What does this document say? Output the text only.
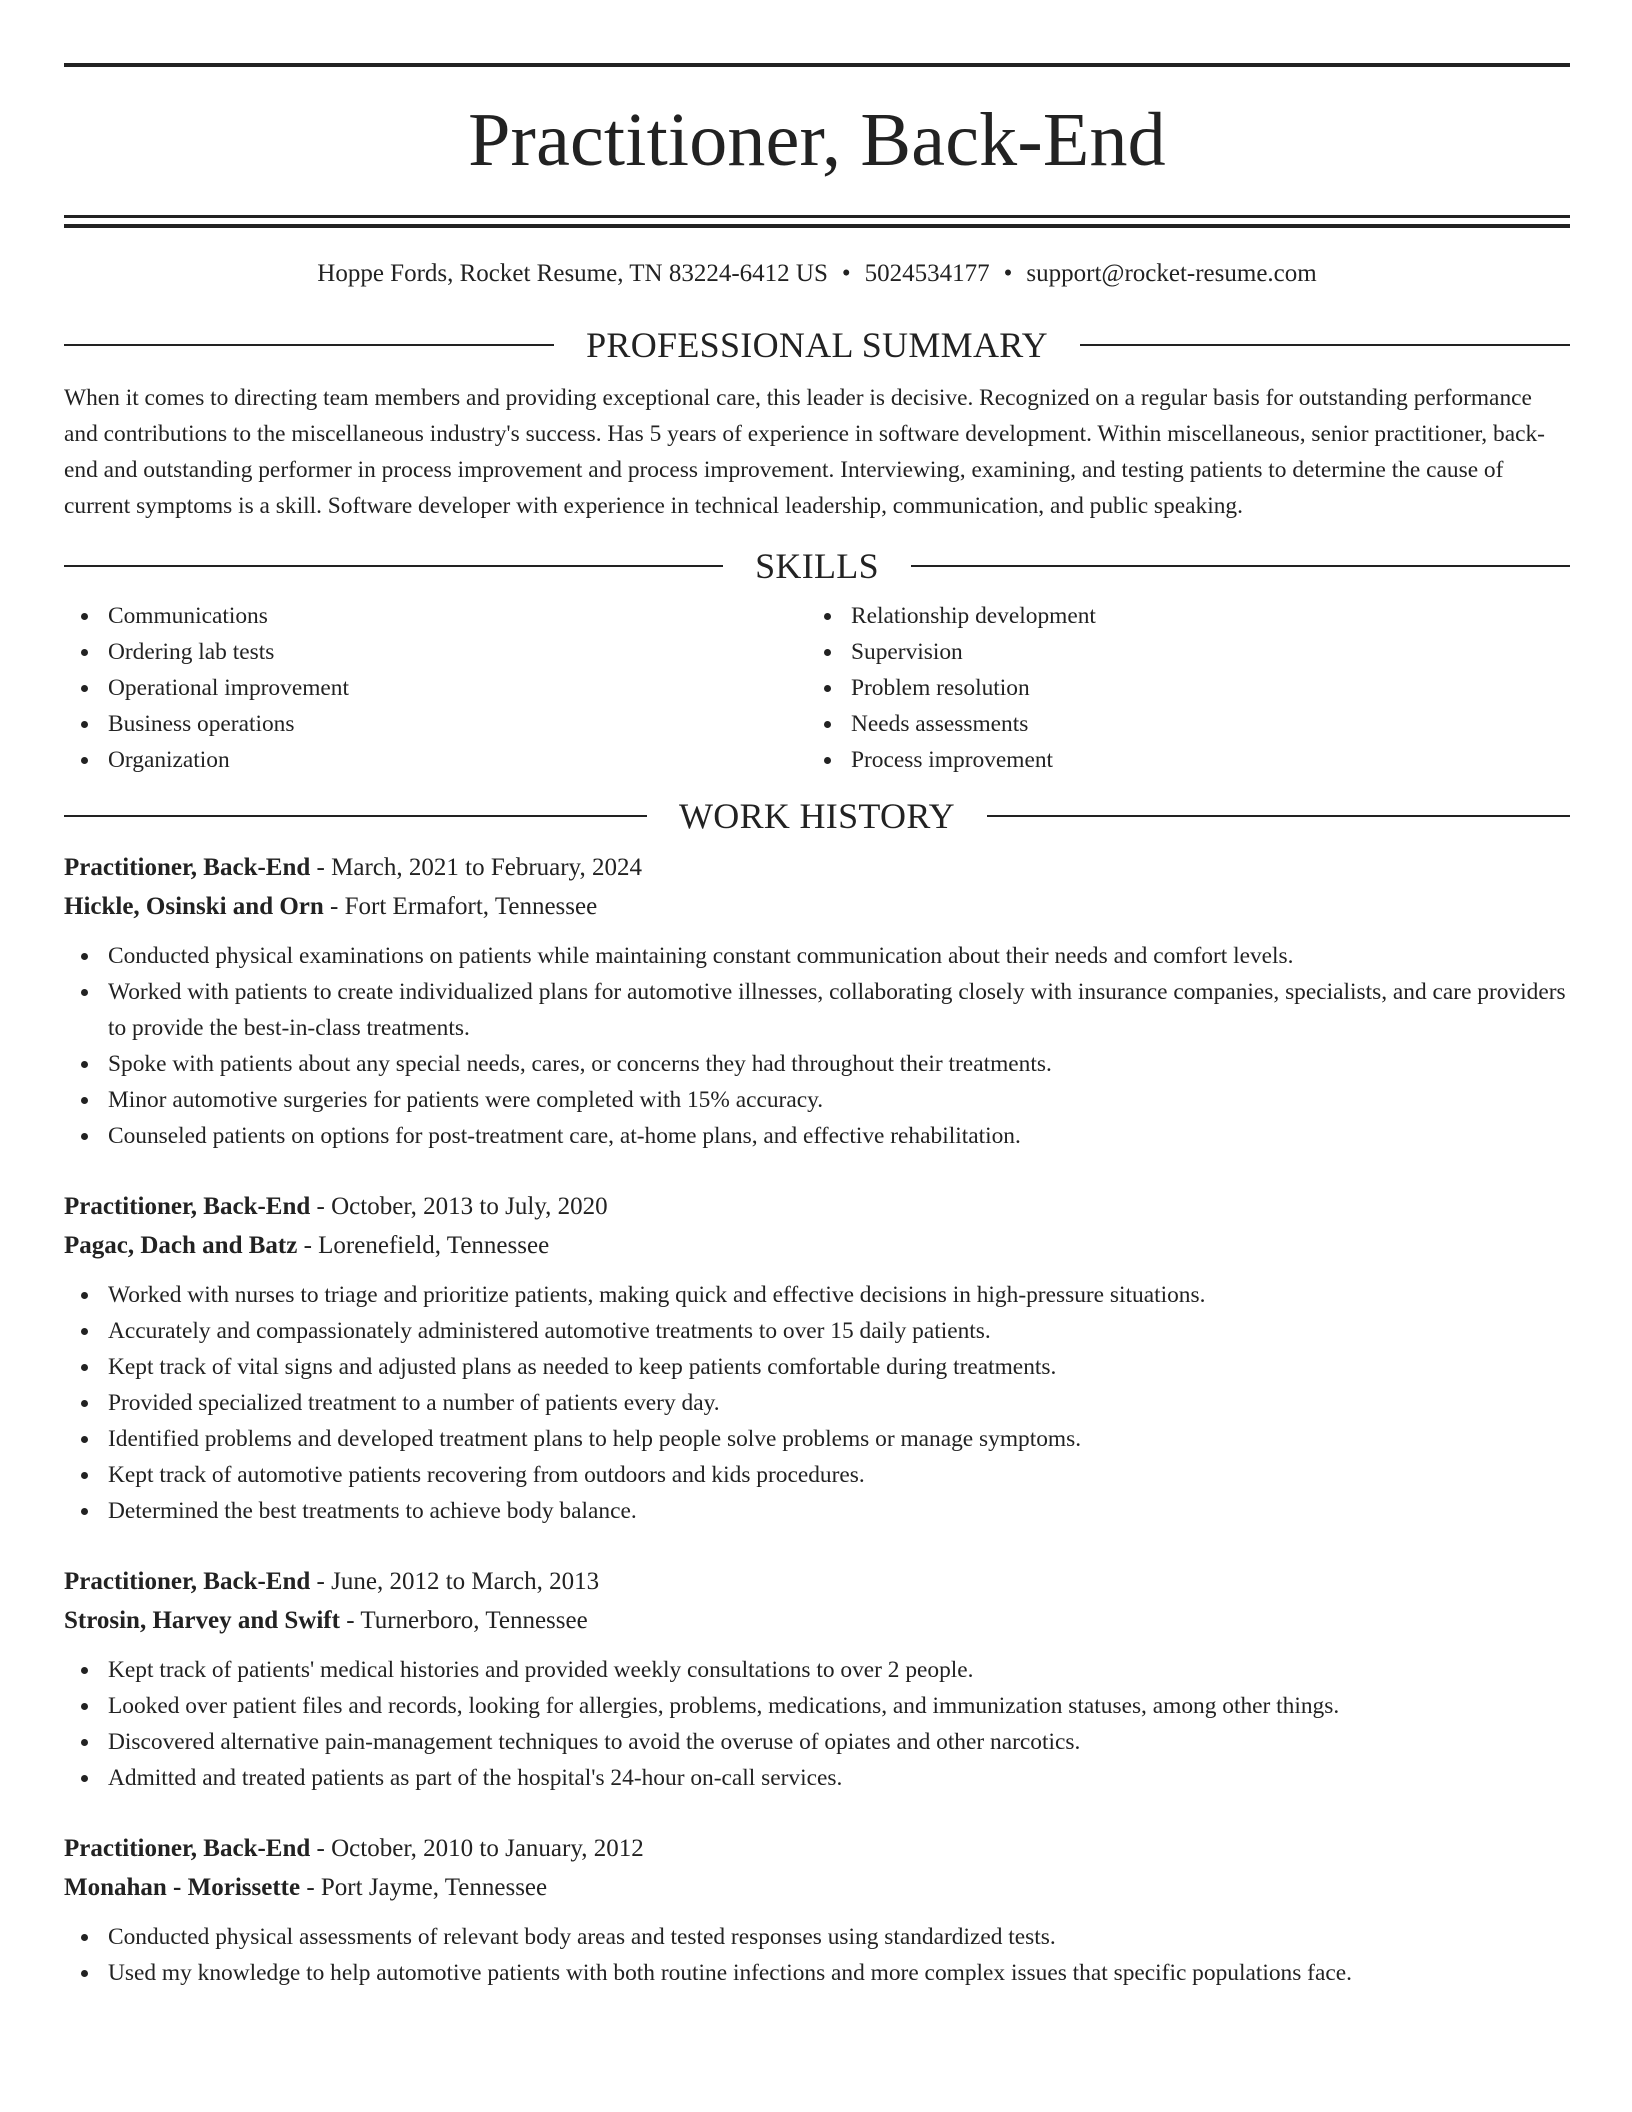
Practitioner, Back-End
Hoppe Fords, Rocket Resume, TN 83224-6412 US • 5024534177 • support@rocket-resume.com
PROFESSIONAL SUMMARY

When it comes to directing team members and providing exceptional care, this leader is decisive. Recognized on a regular basis for outstanding performance and contributions to the miscellaneous industry's success. Has 5 years of experience in software development. Within miscellaneous, senior practitioner, back-end and outstanding performer in process improvement and process improvement. Interviewing, examining, and testing patients to determine the cause of current symptoms is a skill. Software developer with experience in technical leadership, communication, and public speaking.

SKILLS
Communications
Ordering lab tests
Operational improvement
Business operations
Organization
Relationship development
Supervision
Problem resolution
Needs assessments
Process improvement
WORK HISTORY
Practitioner, Back-End - March, 2021 to February, 2024
Hickle, Osinski and Orn - Fort Ermafort, Tennessee
Conducted physical examinations on patients while maintaining constant communication about their needs and comfort levels.
Worked with patients to create individualized plans for automotive illnesses, collaborating closely with insurance companies, specialists, and care providers to provide the best-in-class treatments.
Spoke with patients about any special needs, cares, or concerns they had throughout their treatments.
Minor automotive surgeries for patients were completed with 15% accuracy.
Counseled patients on options for post-treatment care, at-home plans, and effective rehabilitation.
Practitioner, Back-End - October, 2013 to July, 2020
Pagac, Dach and Batz - Lorenefield, Tennessee
Worked with nurses to triage and prioritize patients, making quick and effective decisions in high-pressure situations.
Accurately and compassionately administered automotive treatments to over 15 daily patients.
Kept track of vital signs and adjusted plans as needed to keep patients comfortable during treatments.
Provided specialized treatment to a number of patients every day.
Identified problems and developed treatment plans to help people solve problems or manage symptoms.
Kept track of automotive patients recovering from outdoors and kids procedures.
Determined the best treatments to achieve body balance.
Practitioner, Back-End - June, 2012 to March, 2013
Strosin, Harvey and Swift - Turnerboro, Tennessee
Kept track of patients' medical histories and provided weekly consultations to over 2 people.
Looked over patient files and records, looking for allergies, problems, medications, and immunization statuses, among other things.
Discovered alternative pain-management techniques to avoid the overuse of opiates and other narcotics.
Admitted and treated patients as part of the hospital's 24-hour on-call services.
Practitioner, Back-End - October, 2010 to January, 2012
Monahan - Morissette - Port Jayme, Tennessee
Conducted physical assessments of relevant body areas and tested responses using standardized tests.
Used my knowledge to help automotive patients with both routine infections and more complex issues that specific populations face.
